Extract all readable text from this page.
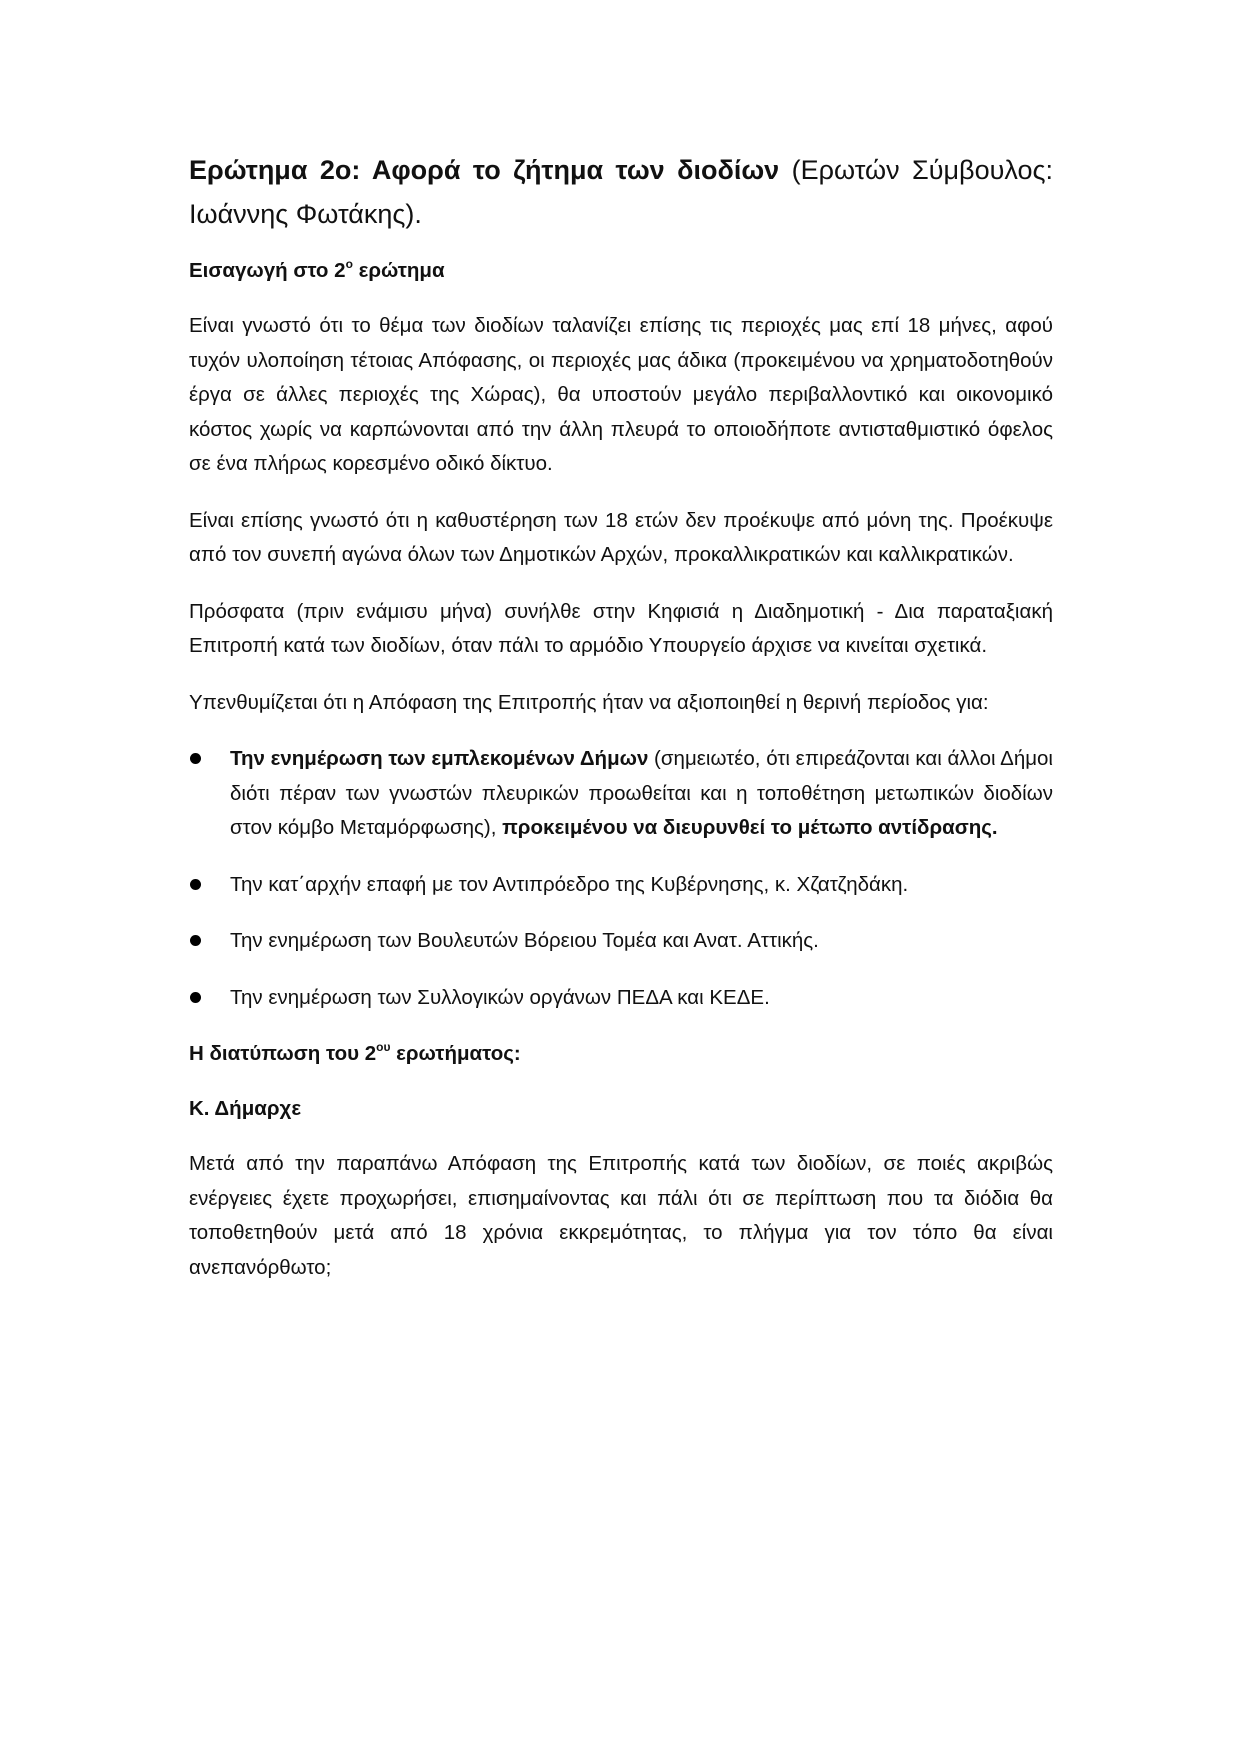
Ερώτημα 2ο: Αφορά το ζήτημα των διοδίων (Ερωτών Σύμβουλος: Ιωάννης Φωτάκης).

Εισαγωγή στο $2^o$ ερώτημα

Είναι γνωστό ότι το θέμα των διοδίων ταλανίζει επίσης τις περιοχές μας επί 18 μήνες, αφού τυχόν υλοποίηση τέτοιας Απόφασης, οι περιοχές μας άδικα (προκειμένου να χρηματοδοτηθούν έργα σε άλλες περιοχές της Χώρας), θα υποστούν μεγάλο περιβαλλοντικό και οικονομικό κόστος χωρίς να καρπώνονται από την άλλη πλευρά το οποιοδήποτε αντισταθμιστικό όφελος σε ένα πλήρως κορεσμένο οδικό δίκτυο.

Είναι επίσης γνωστό ότι η καθυστέρηση των 18 ετών δεν προέκυψε από μόνη της. Προέκυψε από τον συνεπή αγώνα όλων των Δημοτικών Αρχών, προκαλλικρατικών και καλλικρατικών.

Πρόσφατα (πριν ενάμισυ μήνα) συνήλθε στην Κηφισιά η Διαδημοτική - Δια παραταξιακή Επιτροπή κατά των διοδίων, όταν πάλι το αρμόδιο Υπουργείο άρχισε να κινείται σχετικά.

Υπενθυμίζεται ότι η Απόφαση της Επιτροπής ήταν να αξιοποιηθεί η θερινή περίοδος για:

Την ενημέρωση των εμπλεκομένων Δήμων (σημειωτέο, ότι επιρεάζονται και άλλοι Δήμοι διότι πέραν των γνωστών πλευρικών προωθείται και η τοποθέτηση μετωπικών διοδίων στον κόμβο Μεταμόρφωσης), προκειμένου να διευρυνθεί το μέτωπο αντίδρασης.
Την κατ΄αρχήν επαφή με τον Αντιπρόεδρο της Κυβέρνησης, κ. Χζατζηδάκη.
Την ενημέρωση των Βουλευτών Βόρειου Τομέα και Ανατ. Αττικής.
Την ενημέρωση των Συλλογικών οργάνων ΠΕΔΑ και ΚΕΔΕ.

Η διατύπωση του $2^{o\upsilon}$ ερωτήματος:

Κ. Δήμαρχε

Μετά από την παραπάνω Απόφαση της Επιτροπής κατά των διοδίων, σε ποιές ακριβώς ενέργειες έχετε προχωρήσει, επισημαίνοντας και πάλι ότι σε περίπτωση που τα διόδια θα τοποθετηθούν μετά από 18 χρόνια εκκρεμότητας, το πλήγμα για τον τόπο θα είναι ανεπανόρθωτο;
